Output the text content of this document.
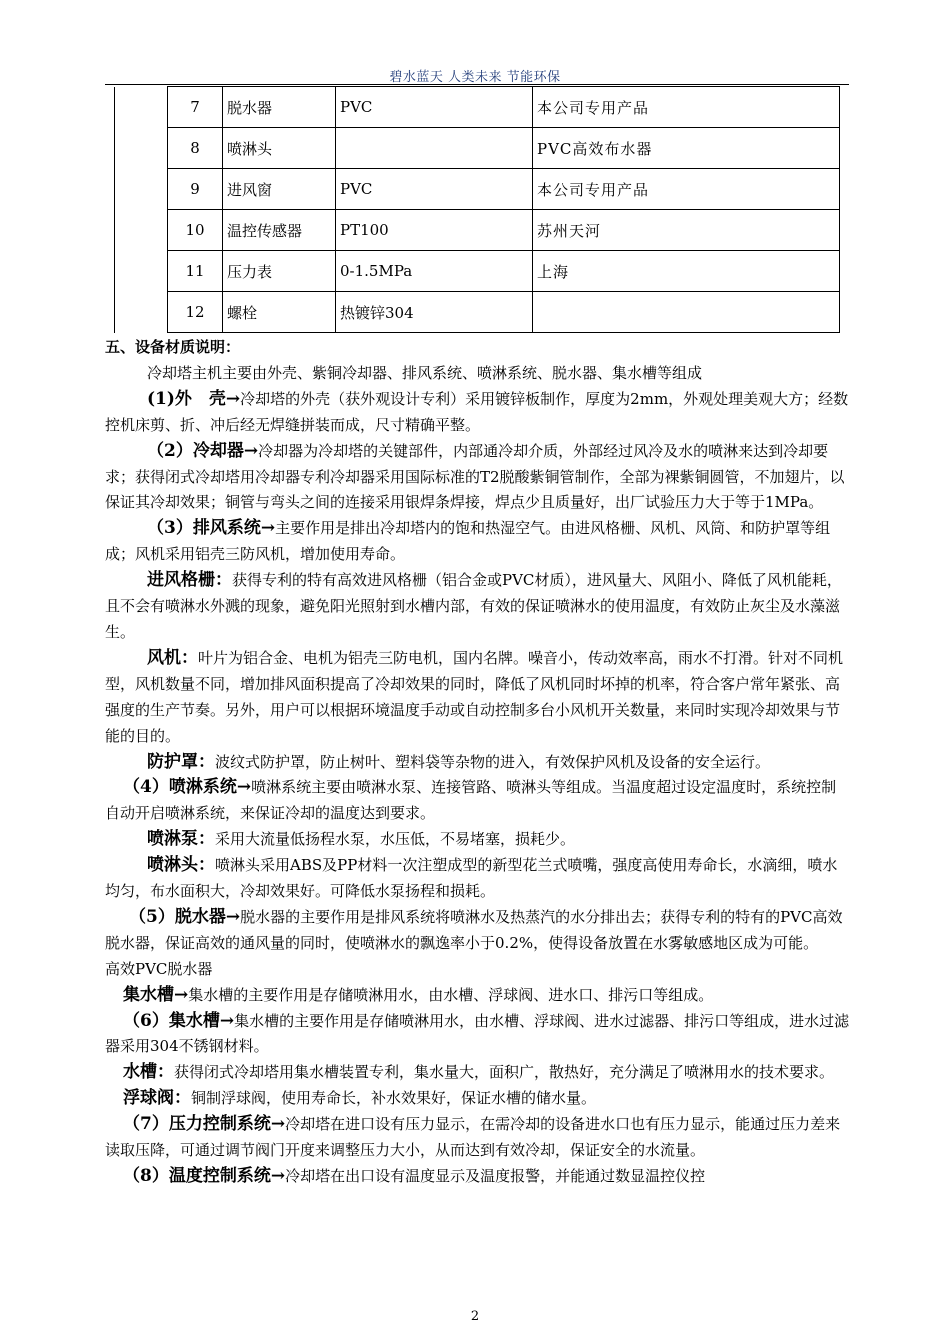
碧水蓝天 人类未来 节能环保
	7	脱水器	PVC	本公司专用产品
	8	喷淋头		PVC高效布水器
	9	进风窗	PVC	本公司专用产品
	10	温控传感器	PT100	苏州天河
	11	压力表	0-1.5MPa	上海
	12	螺栓	热镀锌304	

五、设备材质说明：

冷却塔主机主要由外壳、紫铜冷却器、排风系统、喷淋系统、脱水器、集水槽等组成

(1)外　壳→冷却塔的外壳（获外观设计专利）采用镀锌板制作，厚度为2mm，外观处理美观大方；经数控机床剪、折、冲后经无焊缝拼装而成，尺寸精确平整。

（2）冷却器→冷却器为冷却塔的关键部件，内部通冷却介质，外部经过风冷及水的喷淋来达到冷却要求；获得闭式冷却塔用冷却器专利冷却器采用国际标准的T2脱酸紫铜管制作，全部为裸紫铜圆管，不加翅片，以保证其冷却效果；铜管与弯头之间的连接采用银焊条焊接，焊点少且质量好，出厂试验压力大于等于1MPa。

（3）排风系统→主要作用是排出冷却塔内的饱和热湿空气。由进风格栅、风机、风筒、和防护罩等组成；风机采用铝壳三防风机，增加使用寿命。

进风格栅：获得专利的特有高效进风格栅（铝合金或PVC材质），进风量大、风阻小、降低了风机能耗，且不会有喷淋水外溅的现象，避免阳光照射到水槽内部，有效的保证喷淋水的使用温度，有效防止灰尘及水藻滋生。

风机：叶片为铝合金、电机为铝壳三防电机，国内名牌。噪音小，传动效率高，雨水不打滑。针对不同机型，风机数量不同，增加排风面积提高了冷却效果的同时，降低了风机同时坏掉的机率，符合客户常年紧张、高强度的生产节奏。另外，用户可以根据环境温度手动或自动控制多台小风机开关数量，来同时实现冷却效果与节能的目的。

防护罩：波纹式防护罩，防止树叶、塑料袋等杂物的进入，有效保护风机及设备的安全运行。

（4）喷淋系统→喷淋系统主要由喷淋水泵、连接管路、喷淋头等组成。当温度超过设定温度时，系统控制自动开启喷淋系统，来保证冷却的温度达到要求。

喷淋泵：采用大流量低扬程水泵，水压低，不易堵塞，损耗少。

喷淋头：喷淋头采用ABS及PP材料一次注塑成型的新型花兰式喷嘴，强度高使用寿命长，水滴细，喷水均匀，布水面积大，冷却效果好。可降低水泵扬程和损耗。

（5）脱水器→脱水器的主要作用是排风系统将喷淋水及热蒸汽的水分排出去；获得专利的特有的PVC高效脱水器，保证高效的通风量的同时，使喷淋水的飘逸率小于0.2%，使得设备放置在水雾敏感地区成为可能。

高效PVC脱水器

集水槽→集水槽的主要作用是存储喷淋用水，由水槽、浮球阀、进水口、排污口等组成。

（6）集水槽→集水槽的主要作用是存储喷淋用水，由水槽、浮球阀、进水过滤器、排污口等组成，进水过滤器采用304不锈钢材料。

水槽：获得闭式冷却塔用集水槽装置专利，集水量大，面积广，散热好，充分满足了喷淋用水的技术要求。

浮球阀：铜制浮球阀，使用寿命长，补水效果好，保证水槽的储水量。

（7）压力控制系统→冷却塔在进口设有压力显示，在需冷却的设备进水口也有压力显示，能通过压力差来读取压降，可通过调节阀门开度来调整压力大小，从而达到有效冷却，保证安全的水流量。

（8）温度控制系统→冷却塔在出口设有温度显示及温度报警，并能通过数显温控仪控

2
